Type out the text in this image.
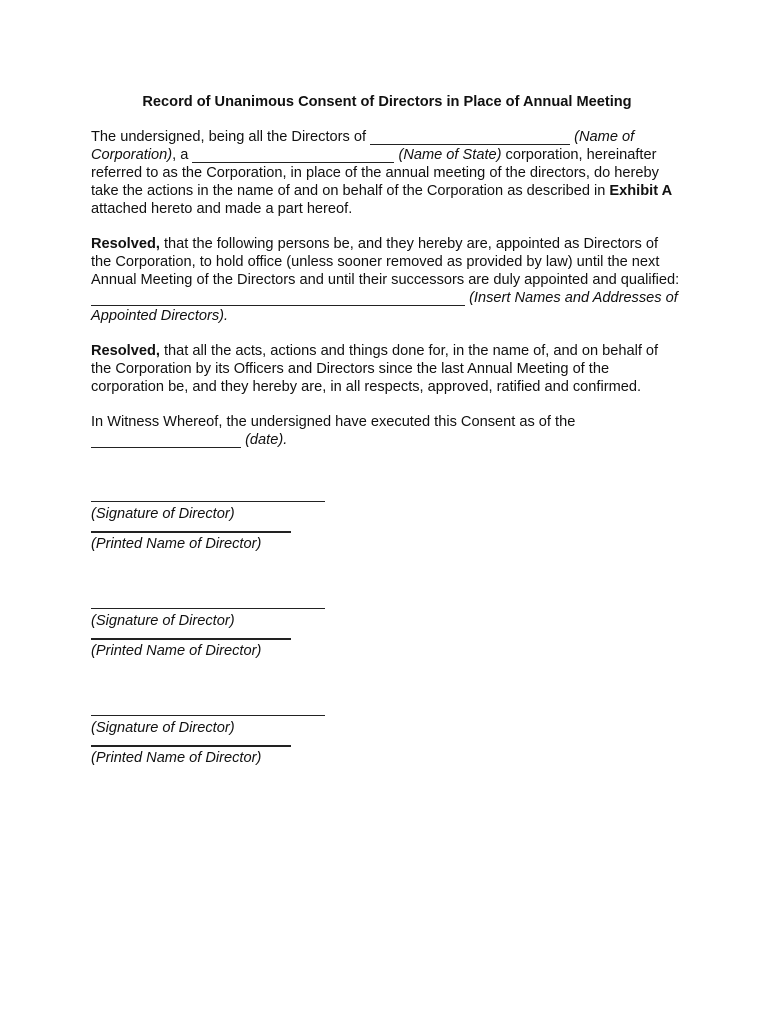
Record of Unanimous Consent of Directors in Place of Annual Meeting

The undersigned, being all the Directors of	(Name of Corporation), a	(Name of State) corporation, hereinafter referred to as the Corporation, in place of the annual meeting of the directors, do hereby take the actions in the name of and on behalf of the Corporation as described in Exhibit A attached hereto and made a part hereof.

Resolved, that the following persons be, and they hereby are, appointed as Directors of the Corporation, to hold office (unless sooner removed as provided by law) until the next Annual Meeting of the Directors and until their successors are duly appointed and qualified:   (Insert Names and Addresses of Appointed Directors).

Resolved, that all the acts, actions and things done for, in the name of, and on behalf of the Corporation by its Officers and Directors since the last Annual Meeting of the corporation be, and they hereby are, in all respects, approved, ratified and confirmed.

In Witness Whereof, the undersigned have executed this Consent as of the
(date).

(Signature of Director)
(Printed Name of Director)
(Signature of Director)
(Printed Name of Director)
(Signature of Director)
(Printed Name of Director)
